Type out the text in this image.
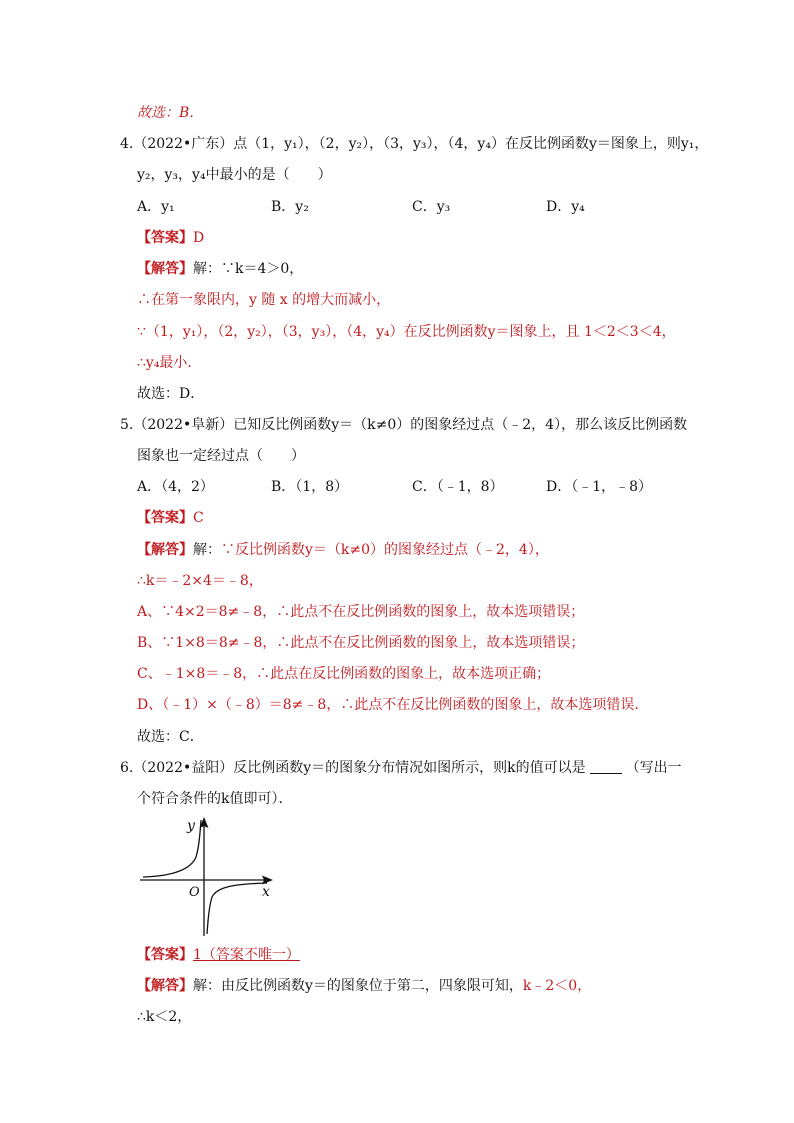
故选：B．
4.（2022•广东）点（1，y₁），（2，y₂），（3，y₃），（4，y₄）在反比例函数y＝图象上，则y₁，
y₂，y₃，y₄中最小的是（　　）
A．y₁	B．y₂	C．y₃	D．y₄
【答案】D
【解答】解：∵k＝4＞0，
∴在第一象限内，y 随 x 的增大而减小，
∵（1，y₁），（2，y₂），（3，y₃），（4，y₄）在反比例函数y＝图象上，且 1＜2＜3＜4，
∴y₄最小．
故选：D．
5.（2022•阜新）已知反比例函数y＝（k≠0）的图象经过点（﹣2，4），那么该反比例函数
图象也一定经过点（　　）
A．（4，2）	B．（1，8）	C．（﹣1，8）	D．（﹣1，﹣8）
【答案】C
【解答】解：∵反比例函数y＝（k≠0）的图象经过点（﹣2，4），
∴k＝﹣2×4＝﹣8，
A、∵4×2＝8≠﹣8，∴此点不在反比例函数的图象上，故本选项错误；
B、∵1×8＝8≠﹣8，∴此点不在反比例函数的图象上，故本选项错误；
C、﹣1×8＝﹣8，∴此点在反比例函数的图象上，故本选项正确；
D、（﹣1）×（﹣8）＝8≠﹣8，∴此点不在反比例函数的图象上，故本选项错误．
故选：C．
6.（2022•益阳）反比例函数y＝的图象分布情况如图所示，则k的值可以是	（写出一
个符合条件的k值即可）．
y
x
O
【答案】1（答案不唯一）
【解答】解：由反比例函数y＝的图象位于第二，四象限可知，k﹣2＜0，
∴k＜2，
